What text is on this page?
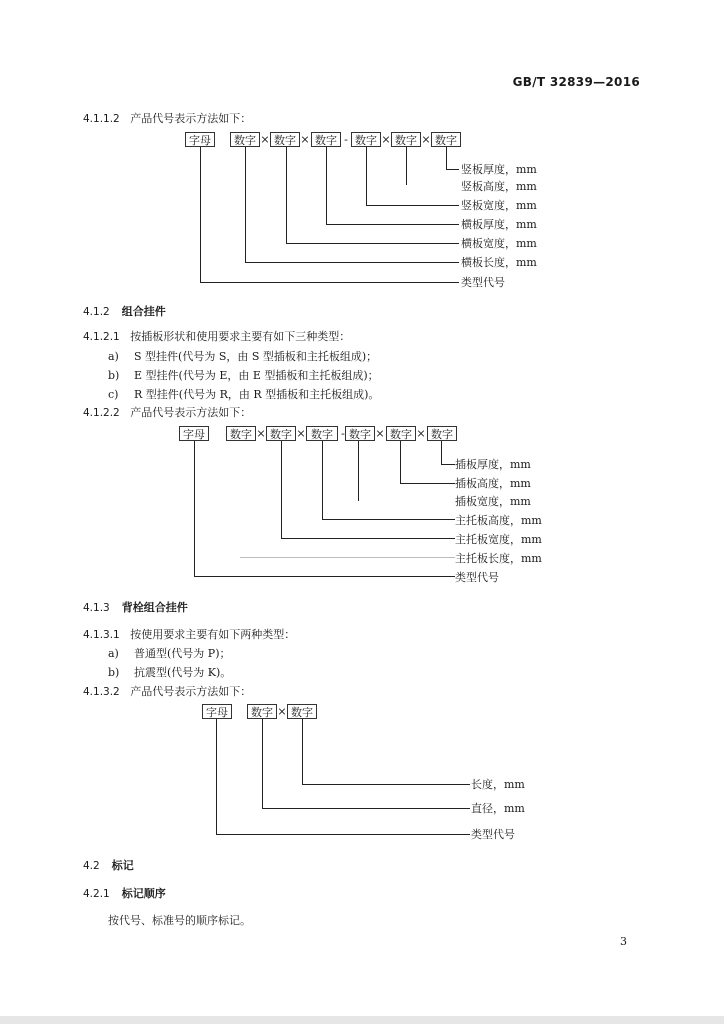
GB/T 32839—2016
4.1.1.2 产品代号表示方法如下：
字母	数字 × 数字 × 数字 - 数字 × 数字 × 数字
竖板厚度，mm
竖板高度，mm
竖板宽度，mm
横板厚度，mm
横板宽度，mm
横板长度，mm
类型代号
4.1.2 组合挂件
4.1.2.1 按插板形状和使用要求主要有如下三种类型：
a) S 型挂件(代号为 S，由 S 型插板和主托板组成)；
b) E 型挂件(代号为 E，由 E 型插板和主托板组成)；
c) R 型挂件(代号为 R，由 R 型插板和主托板组成)。
4.1.2.2 产品代号表示方法如下：
字母	数字 × 数字 × 数字 - 数字 × 数字 × 数字
插板厚度，mm
插板高度，mm
插板宽度，mm
主托板高度，mm
主托板宽度，mm
主托板长度，mm
类型代号
4.1.3 背栓组合挂件
4.1.3.1 按使用要求主要有如下两种类型：
a) 普通型(代号为 P)；
b) 抗震型(代号为 K)。
4.1.3.2 产品代号表示方法如下：
字母	数字 × 数字
长度，mm
直径，mm
类型代号
4.2 标记
4.2.1 标记顺序
按代号、标准号的顺序标记。
3
